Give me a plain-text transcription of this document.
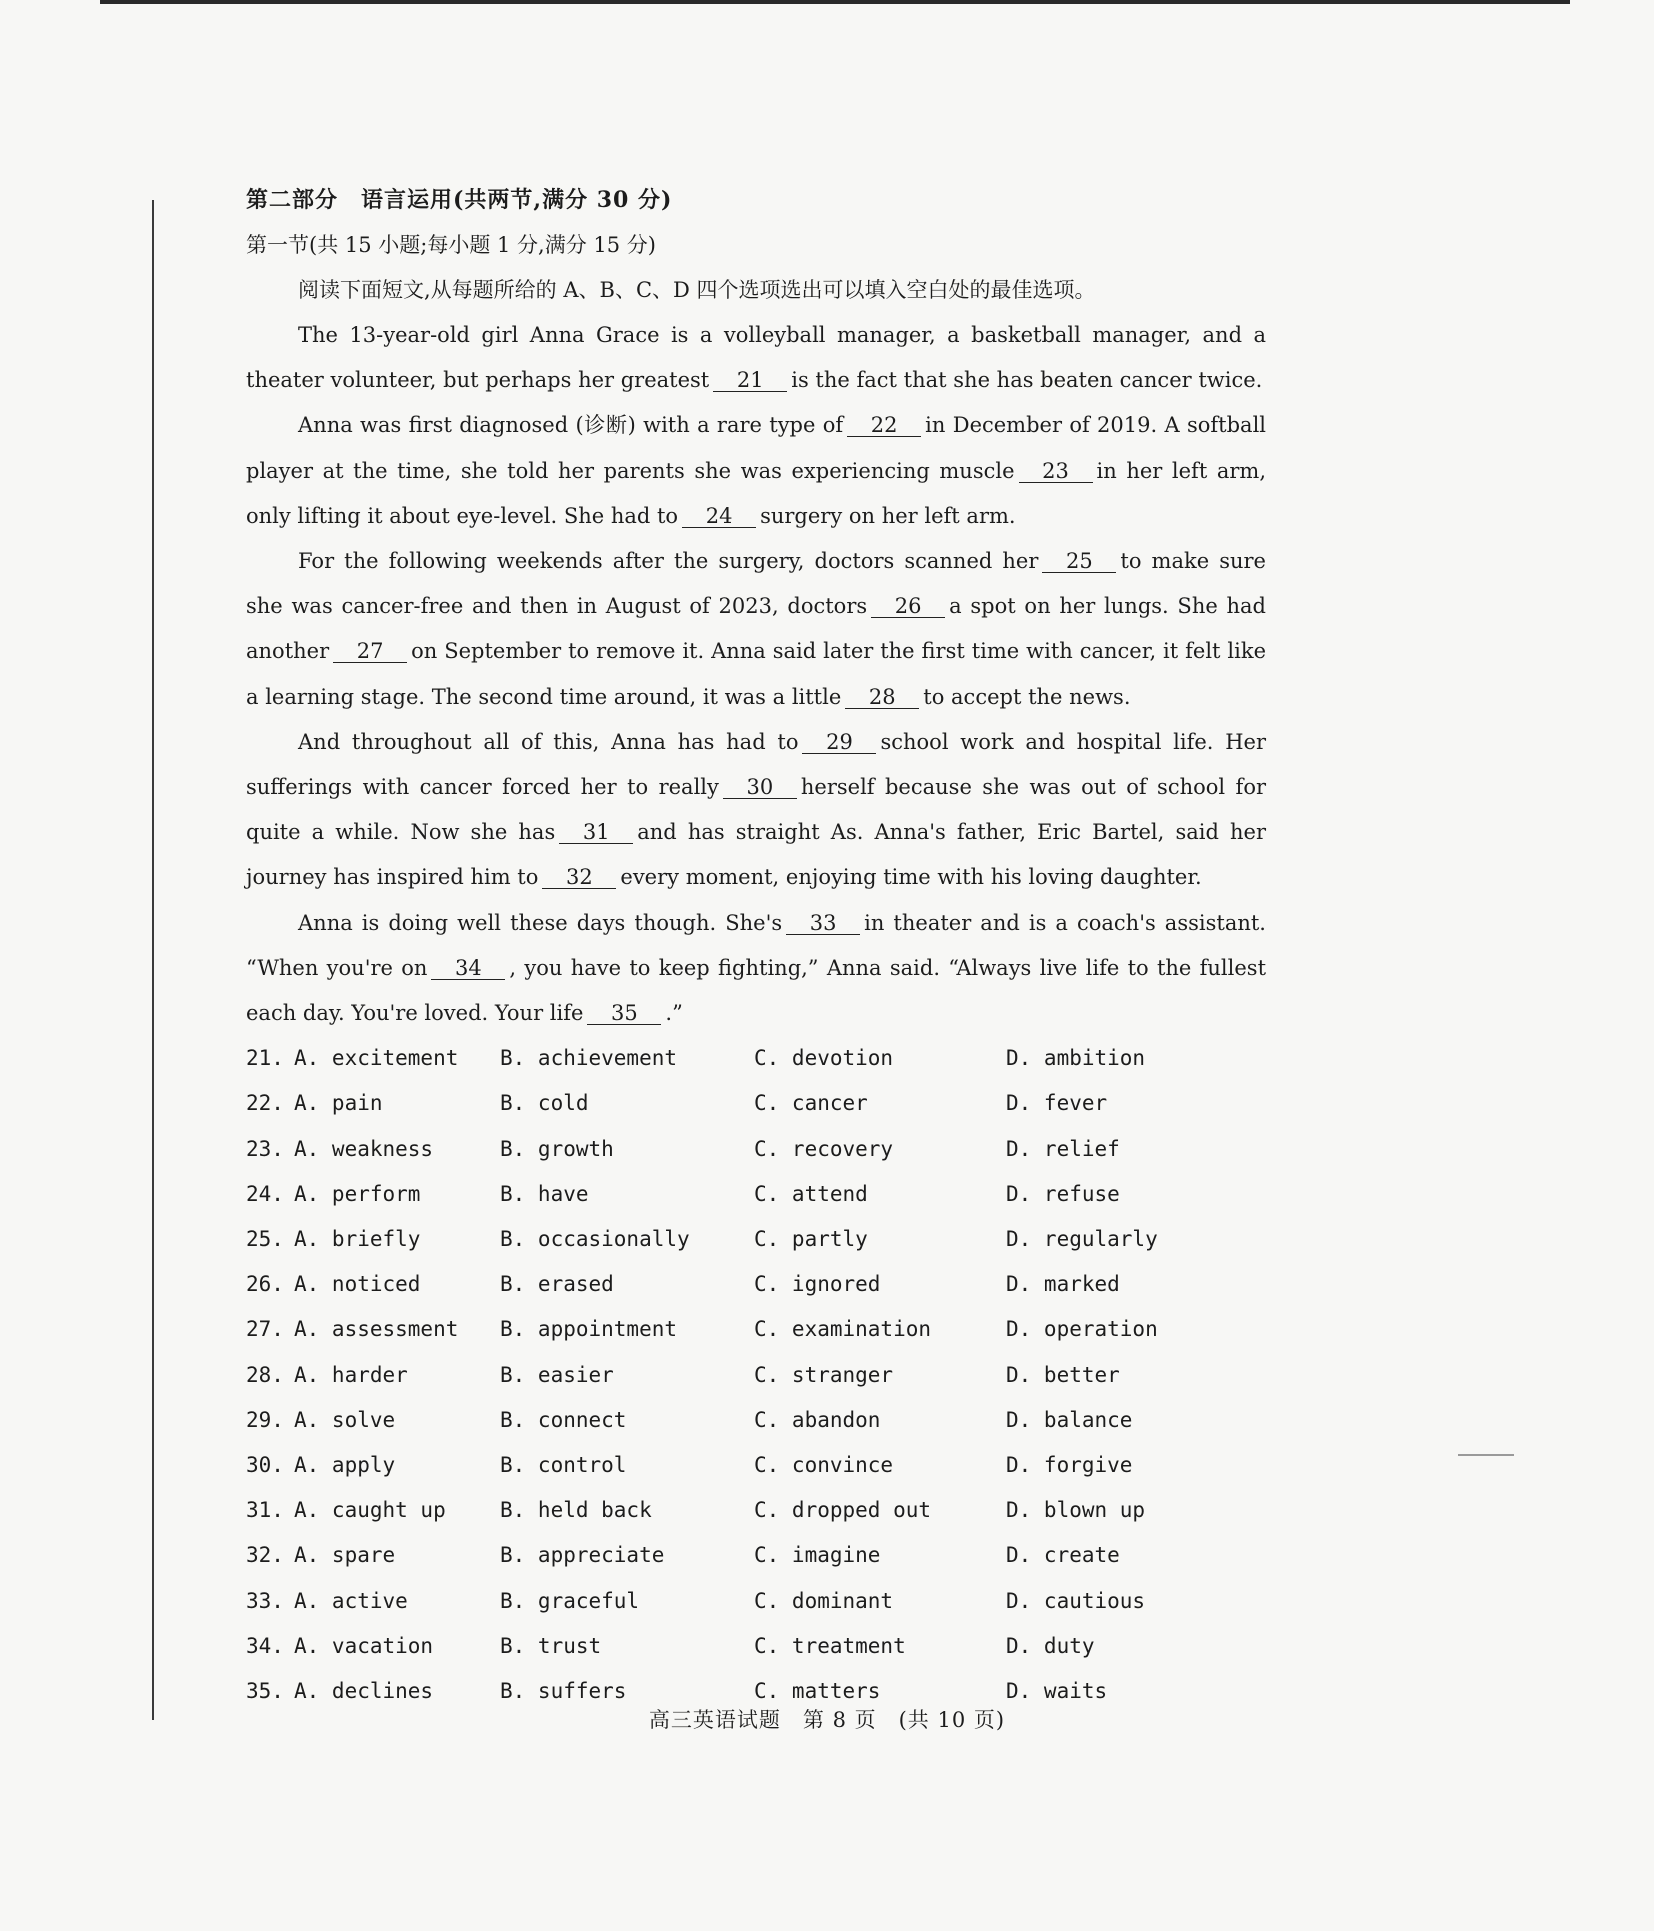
第二部分　语言运用(共两节,满分 30 分)
第一节(共 15 小题;每小题 1 分,满分 15 分)
阅读下面短文,从每题所给的 A、B、C、D 四个选项选出可以填入空白处的最佳选项。

The 13-year-old girl Anna Grace is a volleyball manager, a basketball manager, and a theater volunteer, but perhaps her greatest 21 is the fact that she has beaten cancer twice.

Anna was first diagnosed (诊断) with a rare type of 22 in December of 2019. A softball player at the time, she told her parents she was experiencing muscle 23 in her left arm, only lifting it about eye-level. She had to 24 surgery on her left arm.

For the following weekends after the surgery, doctors scanned her 25 to make sure she was cancer-free and then in August of 2023, doctors 26 a spot on her lungs. She had another 27 on September to remove it. Anna said later the first time with cancer, it felt like a learning stage. The second time around, it was a little 28 to accept the news.

And throughout all of this, Anna has had to 29 school work and hospital life. Her sufferings with cancer forced her to really 30 herself because she was out of school for quite a while. Now she has 31 and has straight As. Anna's father, Eric Bartel, said her journey has inspired him to 32 every moment, enjoying time with his loving daughter.

Anna is doing well these days though. She's 33 in theater and is a coach's assistant. “When you're on 34 , you have to keep fighting,” Anna said. “Always live life to the fullest each day. You're loved. Your life 35 .”

21. A. excitement	B. achievement	C. devotion	D. ambition
22. A. pain	B. cold	C. cancer	D. fever
23. A. weakness	B. growth	C. recovery	D. relief
24. A. perform	B. have	C. attend	D. refuse
25. A. briefly	B. occasionally	C. partly	D. regularly
26. A. noticed	B. erased	C. ignored	D. marked
27. A. assessment	B. appointment	C. examination	D. operation
28. A. harder	B. easier	C. stranger	D. better
29. A. solve	B. connect	C. abandon	D. balance
30. A. apply	B. control	C. convince	D. forgive
31. A. caught up	B. held back	C. dropped out	D. blown up
32. A. spare	B. appreciate	C. imagine	D. create
33. A. active	B. graceful	C. dominant	D. cautious
34. A. vacation	B. trust	C. treatment	D. duty
35. A. declines	B. suffers	C. matters	D. waits
高三英语试题　第 8 页　(共 10 页)
